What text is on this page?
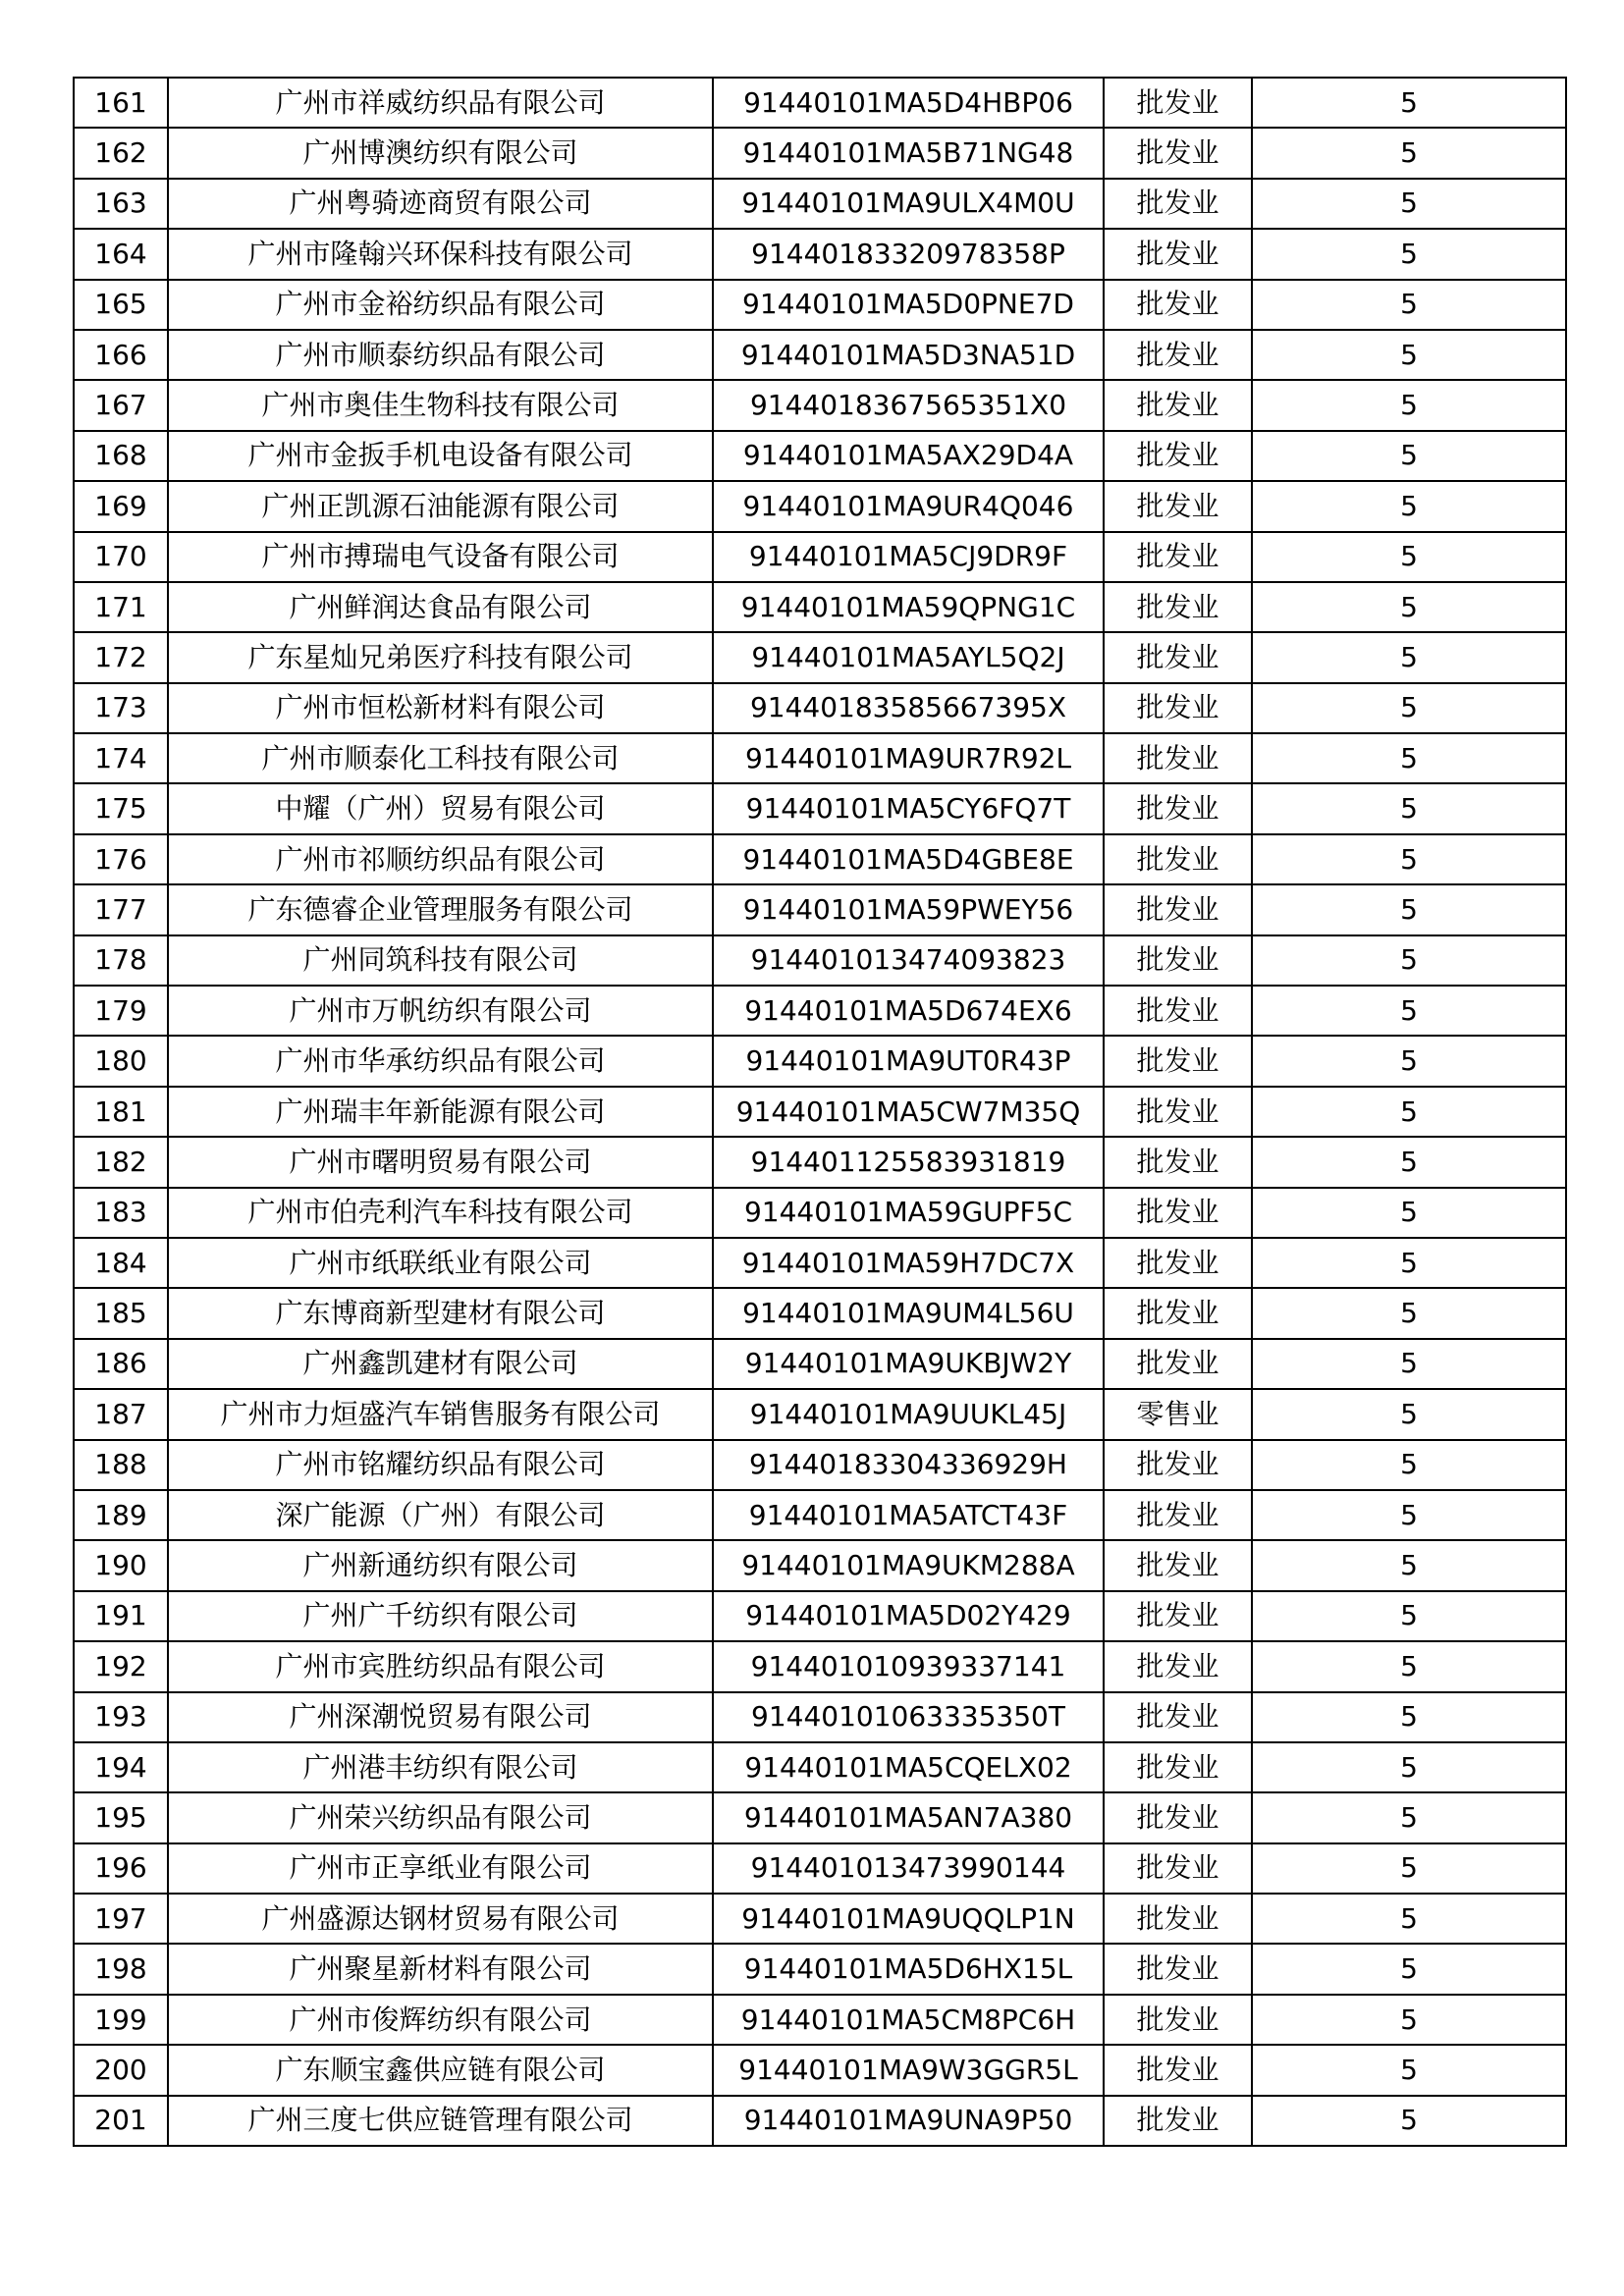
161	广州市祥威纺织品有限公司	91440101MA5D4HBP06	批发业	5
162	广州博澳纺织有限公司	91440101MA5B71NG48	批发业	5
163	广州粤骑迹商贸有限公司	91440101MA9ULX4M0U	批发业	5
164	广州市隆翰兴环保科技有限公司	91440183320978358P	批发业	5
165	广州市金裕纺织品有限公司	91440101MA5D0PNE7D	批发业	5
166	广州市顺泰纺织品有限公司	91440101MA5D3NA51D	批发业	5
167	广州市奥佳生物科技有限公司	9144018367565351X0	批发业	5
168	广州市金扳手机电设备有限公司	91440101MA5AX29D4A	批发业	5
169	广州正凯源石油能源有限公司	91440101MA9UR4Q046	批发业	5
170	广州市搏瑞电气设备有限公司	91440101MA5CJ9DR9F	批发业	5
171	广州鲜润达食品有限公司	91440101MA59QPNG1C	批发业	5
172	广东星灿兄弟医疗科技有限公司	91440101MA5AYL5Q2J	批发业	5
173	广州市恒松新材料有限公司	91440183585667395X	批发业	5
174	广州市顺泰化工科技有限公司	91440101MA9UR7R92L	批发业	5
175	中耀（广州）贸易有限公司	91440101MA5CY6FQ7T	批发业	5
176	广州市祁顺纺织品有限公司	91440101MA5D4GBE8E	批发业	5
177	广东德睿企业管理服务有限公司	91440101MA59PWEY56	批发业	5
178	广州同筑科技有限公司	914401013474093823	批发业	5
179	广州市万帆纺织有限公司	91440101MA5D674EX6	批发业	5
180	广州市华承纺织品有限公司	91440101MA9UT0R43P	批发业	5
181	广州瑞丰年新能源有限公司	91440101MA5CW7M35Q	批发业	5
182	广州市曙明贸易有限公司	914401125583931819	批发业	5
183	广州市伯壳利汽车科技有限公司	91440101MA59GUPF5C	批发业	5
184	广州市纸联纸业有限公司	91440101MA59H7DC7X	批发业	5
185	广东博商新型建材有限公司	91440101MA9UM4L56U	批发业	5
186	广州鑫凯建材有限公司	91440101MA9UKBJW2Y	批发业	5
187	广州市力烜盛汽车销售服务有限公司	91440101MA9UUKL45J	零售业	5
188	广州市铭耀纺织品有限公司	91440183304336929H	批发业	5
189	深广能源（广州）有限公司	91440101MA5ATCT43F	批发业	5
190	广州新通纺织有限公司	91440101MA9UKM288A	批发业	5
191	广州广千纺织有限公司	91440101MA5D02Y429	批发业	5
192	广州市宾胜纺织品有限公司	914401010939337141	批发业	5
193	广州深潮悦贸易有限公司	91440101063335350T	批发业	5
194	广州港丰纺织有限公司	91440101MA5CQELX02	批发业	5
195	广州荣兴纺织品有限公司	91440101MA5AN7A380	批发业	5
196	广州市正享纸业有限公司	914401013473990144	批发业	5
197	广州盛源达钢材贸易有限公司	91440101MA9UQQLP1N	批发业	5
198	广州聚星新材料有限公司	91440101MA5D6HX15L	批发业	5
199	广州市俊辉纺织有限公司	91440101MA5CM8PC6H	批发业	5
200	广东顺宝鑫供应链有限公司	91440101MA9W3GGR5L	批发业	5
201	广州三度七供应链管理有限公司	91440101MA9UNA9P50	批发业	5
